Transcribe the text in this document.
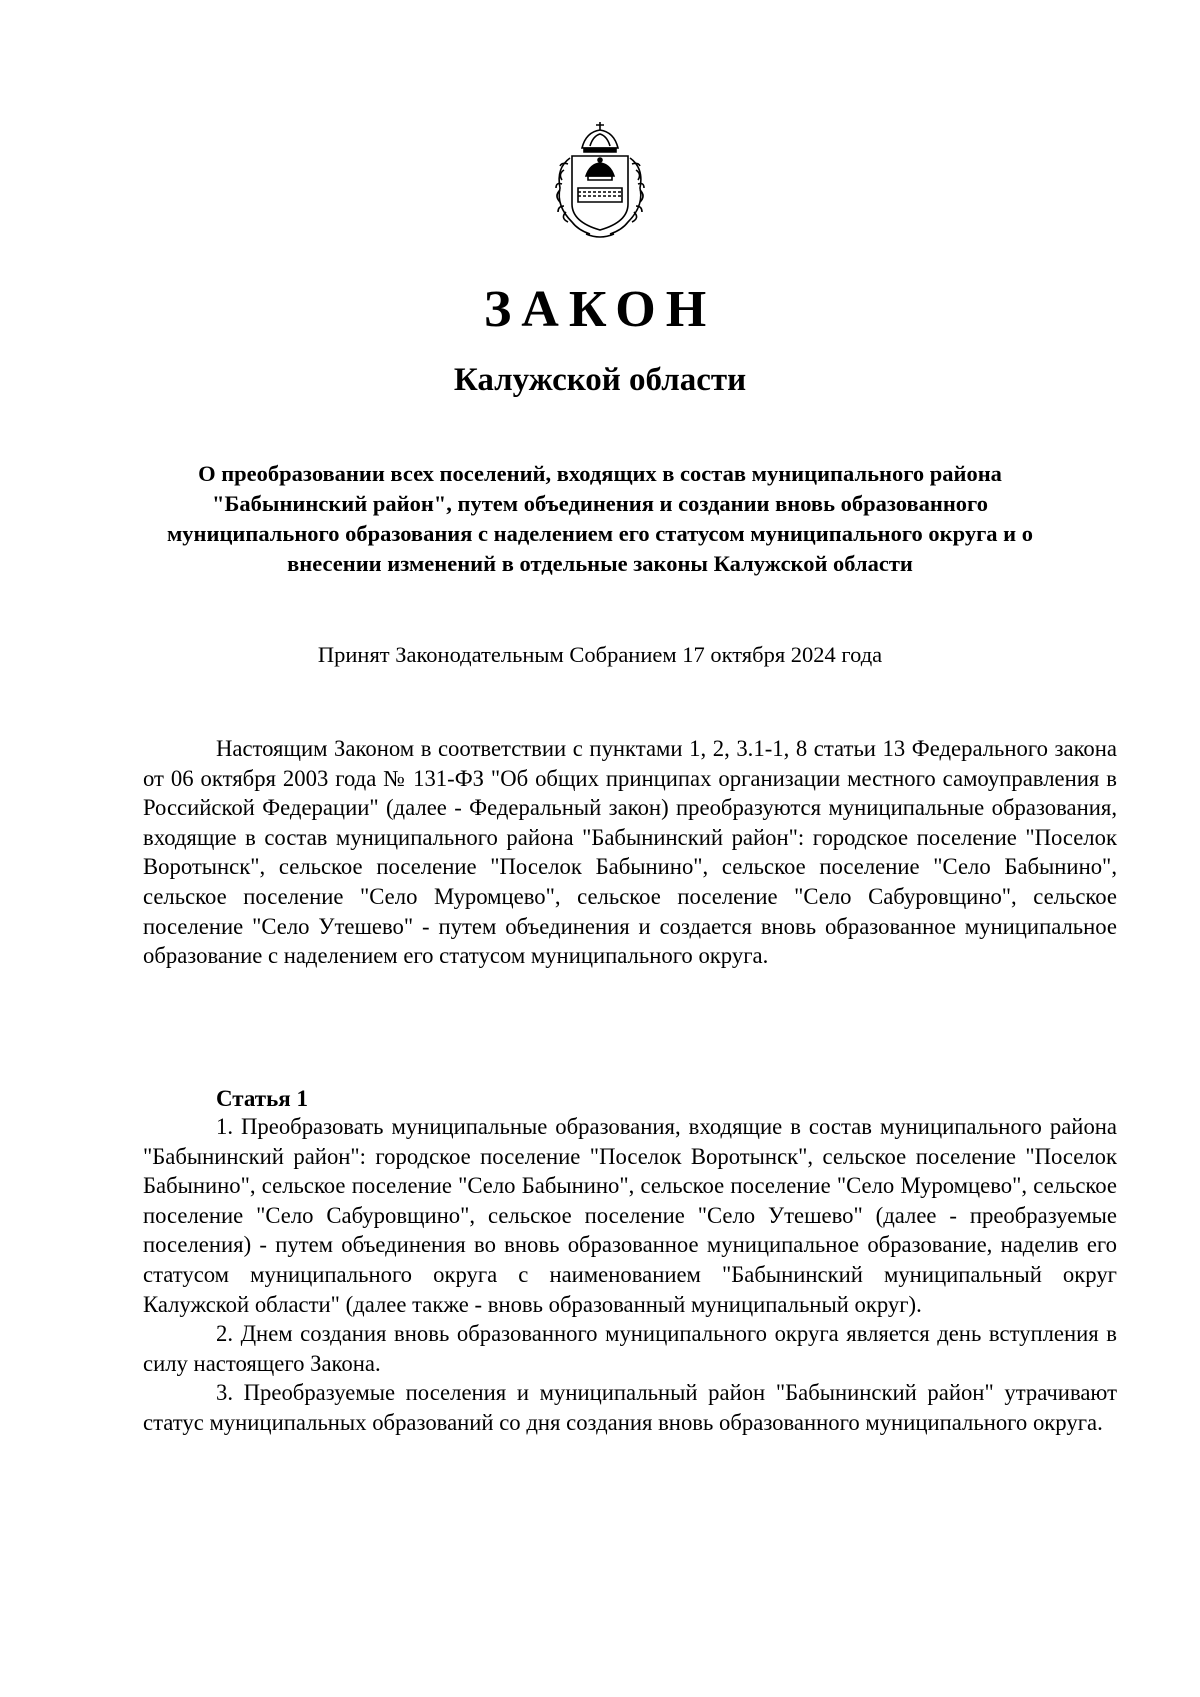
ЗАКОН
Калужской области
О преобразовании всех поселений, входящих в состав муниципального района "Бабынинский район", путем объединения и создании вновь образованного муниципального образования с наделением его статусом муниципального округа и о внесении изменений в отдельные законы Калужской области
Принят Законодательным Собранием 17 октября 2024 года

Настоящим Законом в соответствии с пунктами 1, 2, 3.1-1, 8 статьи 13 Федерального закона от 06 октября 2003 года № 131-ФЗ "Об общих принципах организации местного самоуправления в Российской Федерации" (далее - Федеральный закон) преобразуются муниципальные образования, входящие в состав муниципального района "Бабынинский район": городское поселение "Поселок Воротынск", сельское поселение "Поселок Бабынино", сельское поселение "Село Бабынино", сельское поселение "Село Муромцево", сельское поселение "Село Сабуровщино", сельское поселение "Село Утешево" - путем объединения и создается вновь образованное муниципальное образование с наделением его статусом муниципального округа.

Статья 1

1. Преобразовать муниципальные образования, входящие в состав муниципального района "Бабынинский район": городское поселение "Поселок Воротынск", сельское поселение "Поселок Бабынино", сельское поселение "Село Бабынино", сельское поселение "Село Муромцево", сельское поселение "Село Сабуровщино", сельское поселение "Село Утешево" (далее - преобразуемые поселения) - путем объединения во вновь образованное муниципальное образование, наделив его статусом муниципального округа с наименованием "Бабынинский муниципальный округ Калужской области" (далее также - вновь образованный муниципальный округ).

2. Днем создания вновь образованного муниципального округа является день вступления в силу настоящего Закона.

3. Преобразуемые поселения и муниципальный район "Бабынинский район" утрачивают статус муниципальных образований со дня создания вновь образованного муниципального округа.
